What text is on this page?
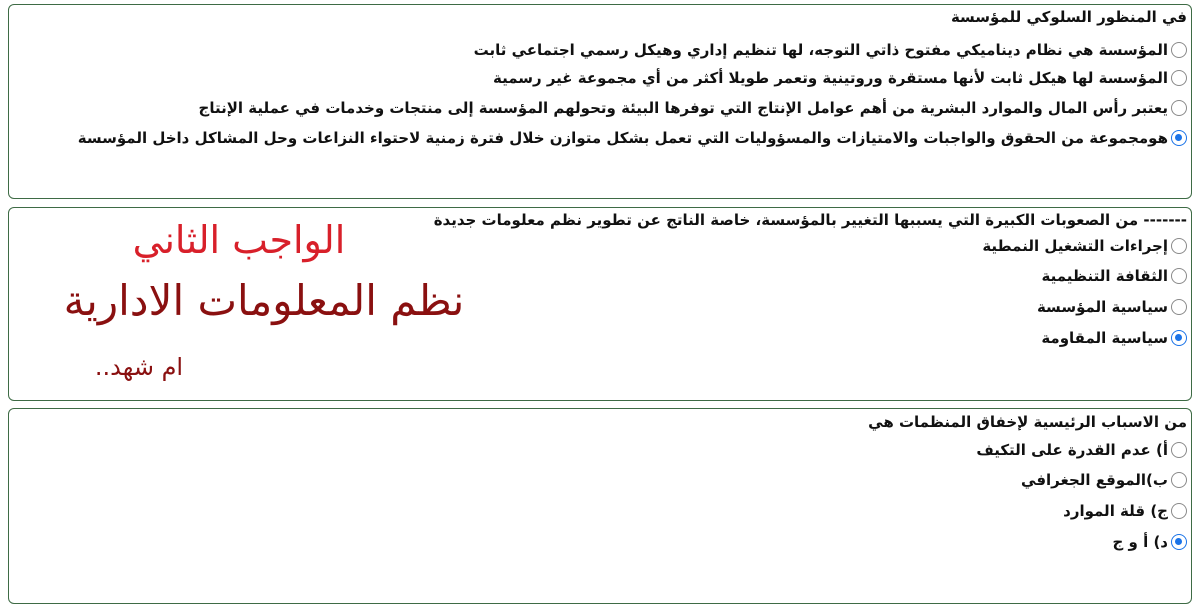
في المنظور السلوكي للمؤسسة
المؤسسة هي نظام ديناميكي مفتوح ذاتي التوجه، لها تنظيم إداري وهيكل رسمي اجتماعي ثابت
المؤسسة لها هيكل ثابت لأنها مستقرة وروتينية وتعمر طويلا أكثر من أي مجموعة غير رسمية
يعتبر رأس المال والموارد البشرية من أهم عوامل الإنتاج التي توفرها البيئة وتحولهم المؤسسة إلى منتجات وخدمات في عملية الإنتاج
هومجموعة من الحقوق والواجبات والامتيازات والمسؤوليات التي تعمل بشكل متوازن خلال فترة زمنية لاحتواء النزاعات وحل المشاكل داخل المؤسسة
------- من الصعوبات الكبيرة التي يسببها التغيير بالمؤسسة، خاصة الناتج عن تطوير نظم معلومات جديدة
إجراءات التشغيل النمطية
الثقافة التنظيمية
سياسية المؤسسة
سياسية المقاومة
الواجب الثاني
نظم المعلومات الادارية
ام شهد..
من الاسباب الرئيسية لإخفاق المنظمات هي
أ) عدم القدرة على التكيف
ب)الموقع الجغرافي
ج) قلة الموارد
د) أ و ج
